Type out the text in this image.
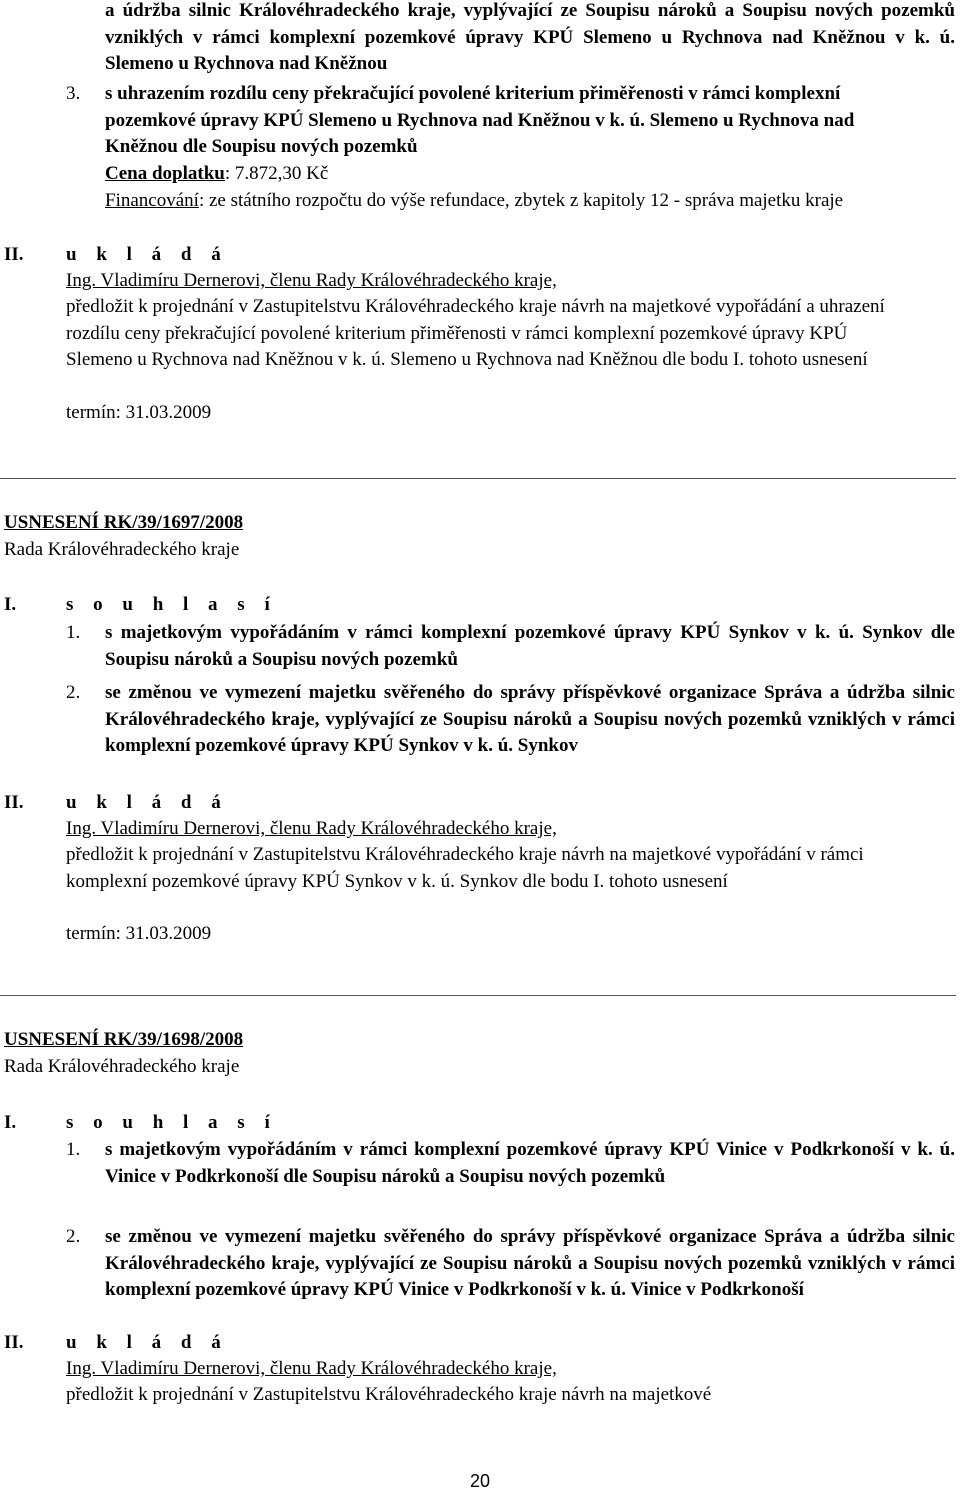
a údržba silnic Královéhradeckého kraje, vyplývající ze Soupisu nároků a Soupisu nových pozemků vzniklých v rámci komplexní pozemkové úpravy KPÚ Slemeno u Rychnova nad Kněžnou v k. ú. Slemeno u Rychnova nad Kněžnou
3. s uhrazením rozdílu ceny překračující povolené kriterium přiměřenosti v rámci komplexní pozemkové úpravy KPÚ Slemeno u Rychnova nad Kněžnou v k. ú. Slemeno u Rychnova nad Kněžnou dle Soupisu nových pozemků
Cena doplatku: 7.872,30 Kč
Financování: ze státního rozpočtu do výše refundace, zbytek z kapitoly 12 - správa majetku kraje
II. u k l á d á
Ing. Vladimíru Dernerovi, členu Rady Královéhradeckého kraje,
předložit k projednání v Zastupitelstvu Královéhradeckého kraje návrh na majetkové vypořádání a uhrazení rozdílu ceny překračující povolené kriterium přiměřenosti v rámci komplexní pozemkové úpravy KPÚ Slemeno u Rychnova nad Kněžnou v k. ú. Slemeno u Rychnova nad Kněžnou dle bodu I. tohoto usnesení
termín: 31.03.2009
USNESENÍ RK/39/1697/2008
Rada Královéhradeckého kraje
I.	s o u h l a s í
1. s majetkovým vypořádáním v rámci komplexní pozemkové úpravy KPÚ Synkov v k. ú. Synkov dle Soupisu nároků a Soupisu nových pozemků
2. se změnou ve vymezení majetku svěřeného do správy příspěvkové organizace Správa a údržba silnic Královéhradeckého kraje, vyplývající ze Soupisu nároků a Soupisu nových pozemků vzniklých v rámci komplexní pozemkové úpravy KPÚ Synkov v k. ú. Synkov
II. u k l á d á
Ing. Vladimíru Dernerovi, členu Rady Královéhradeckého kraje,
předložit k projednání v Zastupitelstvu Královéhradeckého kraje návrh na majetkové vypořádání v rámci komplexní pozemkové úpravy KPÚ Synkov v k. ú. Synkov dle bodu I. tohoto usnesení
termín: 31.03.2009
USNESENÍ RK/39/1698/2008
Rada Královéhradeckého kraje
I.	s o u h l a s í
1. s majetkovým vypořádáním v rámci komplexní pozemkové úpravy KPÚ Vinice v Podkrkonoší v k. ú. Vinice v Podkrkonoší dle Soupisu nároků a Soupisu nových pozemků
2. se změnou ve vymezení majetku svěřeného do správy příspěvkové organizace Správa a údržba silnic Královéhradeckého kraje, vyplývající ze Soupisu nároků a Soupisu nových pozemků vzniklých v rámci komplexní pozemkové úpravy KPÚ Vinice v Podkrkonoší v k. ú. Vinice v Podkrkonoší
II. u k l á d á
Ing. Vladimíru Dernerovi, členu Rady Královéhradeckého kraje,
předložit k projednání v Zastupitelstvu Královéhradeckého kraje návrh na majetkové
20
